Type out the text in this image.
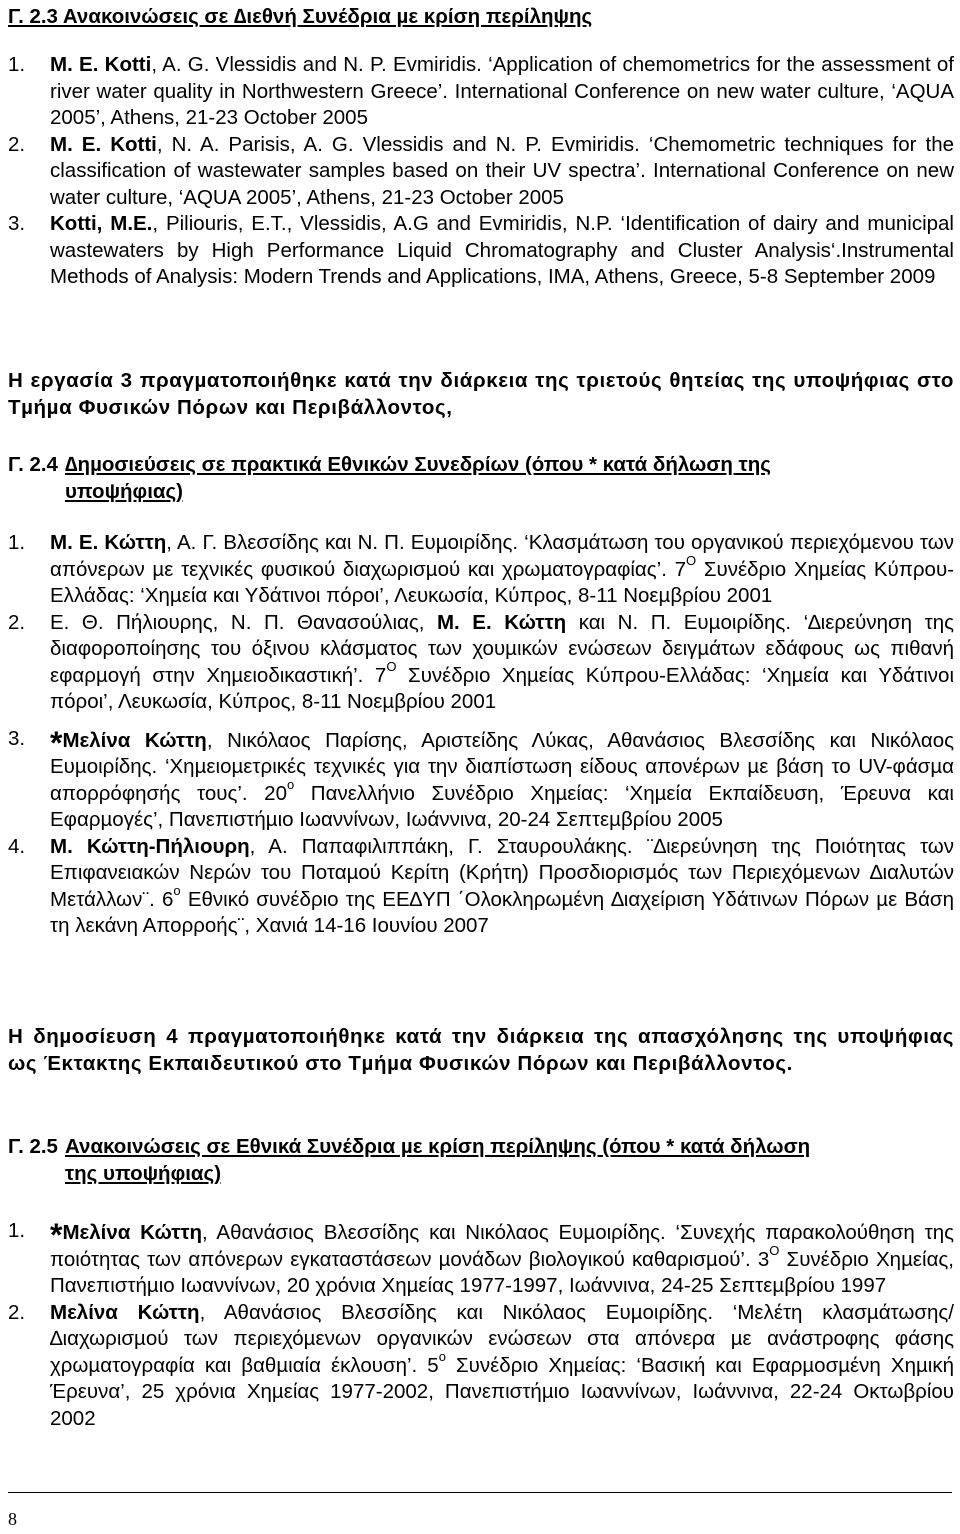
Γ. 2.3 Ανακοινώσεις σε ∆ιεθνή Συνέδρια µε κρίση περίληψης
1. M. E. Kotti, A. G. Vlessidis and N. P. Evmiridis. ‘Application of chemometrics for the assessment of river water quality in Northwestern Greece’. International Conference on new water culture, ‘AQUA 2005’, Athens, 21-23 October 2005
2. M. E. Kotti, N. A. Parisis, A. G. Vlessidis and N. P. Evmiridis. ‘Chemometric techniques for the classification of wastewater samples based on their UV spectra’. International Conference on new water culture, ‘AQUA 2005’, Athens, 21-23 October 2005
3. Kotti, M.E., Piliouris, E.T., Vlessidis, A.G and Evmiridis, N.P. ‘Identification of dairy and municipal wastewaters by High Performance Liquid Chromatography and Cluster Analysis‘.Instrumental Methods of Analysis: Modern Trends and Applications, IMA, Athens, Greece, 5-8 September 2009
Η εργασία 3 πραγµατοποιήθηκε κατά την διάρκεια της τριετούς θητείας της υποψήφιας στο Τµήµα Φυσικών Πόρων και Περιβάλλοντος,
Γ. 2.4 ∆ηµοσιεύσεις σε πρακτικά Εθνικών Συνεδρίων (όπου * κατά δήλωση της
υποψήφιας)
1. Μ. Ε. Κώττη, Α. Γ. Βλεσσίδης και Ν. Π. Ευµοιρίδης. ‘Κλασµάτωση του οργανικού περιεχόµενου των απόνερων µε τεχνικές φυσικού διαχωρισµού και χρωµατογραφίας’. $7^O$ Συνέδριο Χηµείας Κύπρου-Ελλάδας: ‘Χηµεία και Υδάτινοι πόροι’, Λευκωσία, Κύπρος, 8-11 Νοεµβρίου 2001
2. Ε. Θ. Πήλιουρης, Ν. Π. Θανασούλιας, Μ. Ε. Κώττη και Ν. Π. Ευµοιρίδης. ‘∆ιερεύνηση της διαφοροποίησης του όξινου κλάσµατος των χουµικών ενώσεων δειγµάτων εδάφους ως πιθανή εφαρµογή στην Χηµειοδικαστική’. $7^O$ Συνέδριο Χηµείας Κύπρου-Ελλάδας: ‘Χηµεία και Υδάτινοι πόροι’, Λευκωσία, Κύπρος, 8-11 Νοεµβρίου 2001
3. *Μελίνα Κώττη, Νικόλαος Παρίσης, Αριστείδης Λύκας, Αθανάσιος Βλεσσίδης και Νικόλαος Ευµοιρίδης. ‘Χηµειοµετρικές τεχνικές για την διαπίστωση είδους απονέρων µε βάση το UV-φάσµα απορρόφησής τους’. $20^o$ Πανελλήνιο Συνέδριο Χηµείας: ‘Χηµεία Εκπαίδευση, Έρευνα και Εφαρµογές’, Πανεπιστήµιο Ιωαννίνων, Ιωάννινα, 20-24 Σεπτεµβρίου 2005
4. Μ. Κώττη-Πήλιουρη, Α. Παπαφιλιππάκη, Γ. Σταυρουλάκης. ¨∆ιερεύνηση της Ποιότητας των Επιφανειακών Νερών του Ποταµού Κερίτη (Κρήτη) Προσδιορισµός των Περιεχόµενων ∆ιαλυτών Μετάλλων¨. $6^o$ Εθνικό συνέδριο της ΕΕ∆ΥΠ ΄Ολοκληρωµένη ∆ιαχείριση Υδάτινων Πόρων µε Βάση τη λεκάνη Απορροής¨, Χανιά 14-16 Ιουνίου 2007
Η δηµοσίευση 4 πραγµατοποιήθηκε κατά την διάρκεια της απασχόλησης της υποψήφιας ως Έκτακτης Εκπαιδευτικού στο Τµήµα Φυσικών Πόρων και Περιβάλλοντος.
Γ. 2.5 Ανακοινώσεις σε Εθνικά Συνέδρια µε κρίση περίληψης (όπου * κατά δήλωση
της υποψήφιας)
1. *Μελίνα Κώττη, Αθανάσιος Βλεσσίδης και Νικόλαος Ευµοιρίδης. ‘Συνεχής παρακολούθηση της ποιότητας των απόνερων εγκαταστάσεων µονάδων βιολογικού καθαρισµού’. $3^O$ Συνέδριο Χηµείας, Πανεπιστήµιο Ιωαννίνων, 20 χρόνια Χηµείας 1977-1997, Ιωάννινα, 24-25 Σεπτεµβρίου 1997
2. Μελίνα Κώττη, Αθανάσιος Βλεσσίδης και Νικόλαος Ευµοιρίδης. ‘Μελέτη κλασµάτωσης/∆ιαχωρισµού των περιεχόµενων οργανικών ενώσεων στα απόνερα µε ανάστροφης φάσης χρωµατογραφία και βαθµιαία έκλουση’. $5^o$ Συνέδριο Χηµείας: ‘Βασική και Εφαρµοσµένη Χηµική Έρευνα’, 25 χρόνια Χηµείας 1977-2002, Πανεπιστήµιο Ιωαννίνων, Ιωάννινα, 22-24 Οκτωβρίου 2002
8
